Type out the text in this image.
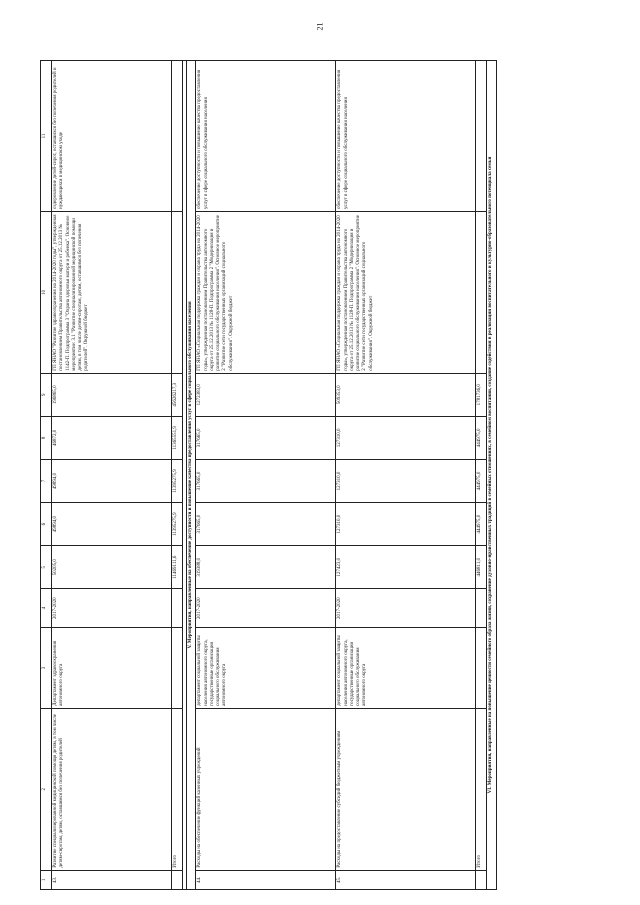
21
1	2	3	4	5	6	7	8	9	10	11
43.	Развитие специализированной медицинской помощи детям, в том числе детям-сиротам, детям, оставшимся без попечения родителей	Департамент здравоохранения автономного округа	2017-2020	50205,0	49894,0	49894,0	46872,0	196865,0	ГП ЯНАО "Развитие здравоохранения на 2014-2020 годы", утвержденная постановлением Правительства автономного округа от 25.12.2013 № 1142-П. Подпрограмма 3 "Охрана здоровья матери и ребенка". Основное мероприятие: 3.1 "Развитие специализированной медицинской помощи детям, в том числе детям-сиротам, детям, оставшимся без попечения родителей". Окружной бюджет	оздоровление детей-сирот, оставшихся без попечения родителей и нуждающихся в медицинском уходе
	Итого			11469111,6	11395275,9	11395275,9	11365551,9	45626217,3		

V. Мероприятия, направленные на обеспечение доступности и повышение качества предоставления услуг в сфере социального обслуживания населения										
44.	Расходы на обеспечение функций казенных учреждений	департамент социальной защиты населения автономного округа, государственные организации социального обслуживания автономного округа	2017-2020	319388,0	317665,0	317665,0	317665,0	1272383,0	ГП ЯНАО «Социальная поддержка граждан и охрана труда на 2014-2020 годы», утвержденная постановлением Правительства автономного округа от 25.12.2013 № 1128-П. Подпрограмма 2 "Модернизация и развитие социального обслуживания населения". Основное мероприятие 2 "Развитие сети государственных организаций социального обслуживания". Окружной бюджет	обеспечение доступности и повышение качества предоставления услуг в сфере социального обслуживания населения
45.	Расходы на предоставление субсидий бюджетным учреждениям	департамент социальной защиты населения автономного округа, государственные организации социального обслуживания автономного округа	2017-2020	127423,0	127310,0	127310,0	127310,0	509353,0	ГП ЯНАО «Социальная поддержка граждан и охрана труда на 2014-2020 годы», утвержденная постановлением Правительства автономного округа от 25.12.2013 № 1128-П. Подпрограмма 2 "Модернизация и развитие социального обслуживания населения". Основное мероприятие 2 "Развитие сети государственных организаций социального обслуживания". Окружной бюджет	обеспечение доступности и повышение качества предоставления услуг в сфере социального обслуживания населения
	Итого			446811,0	444975,0	444975,0	444975,0	1781736,0		
VI. Мероприятия, направленные на повышение ценности семейного образа жизни, сохранение духовно-нравственных традиций в семейных отношениях, в семейном воспитании, создание содействия в реализации воспитательного и культурно-образовательного потенциала семьи										
